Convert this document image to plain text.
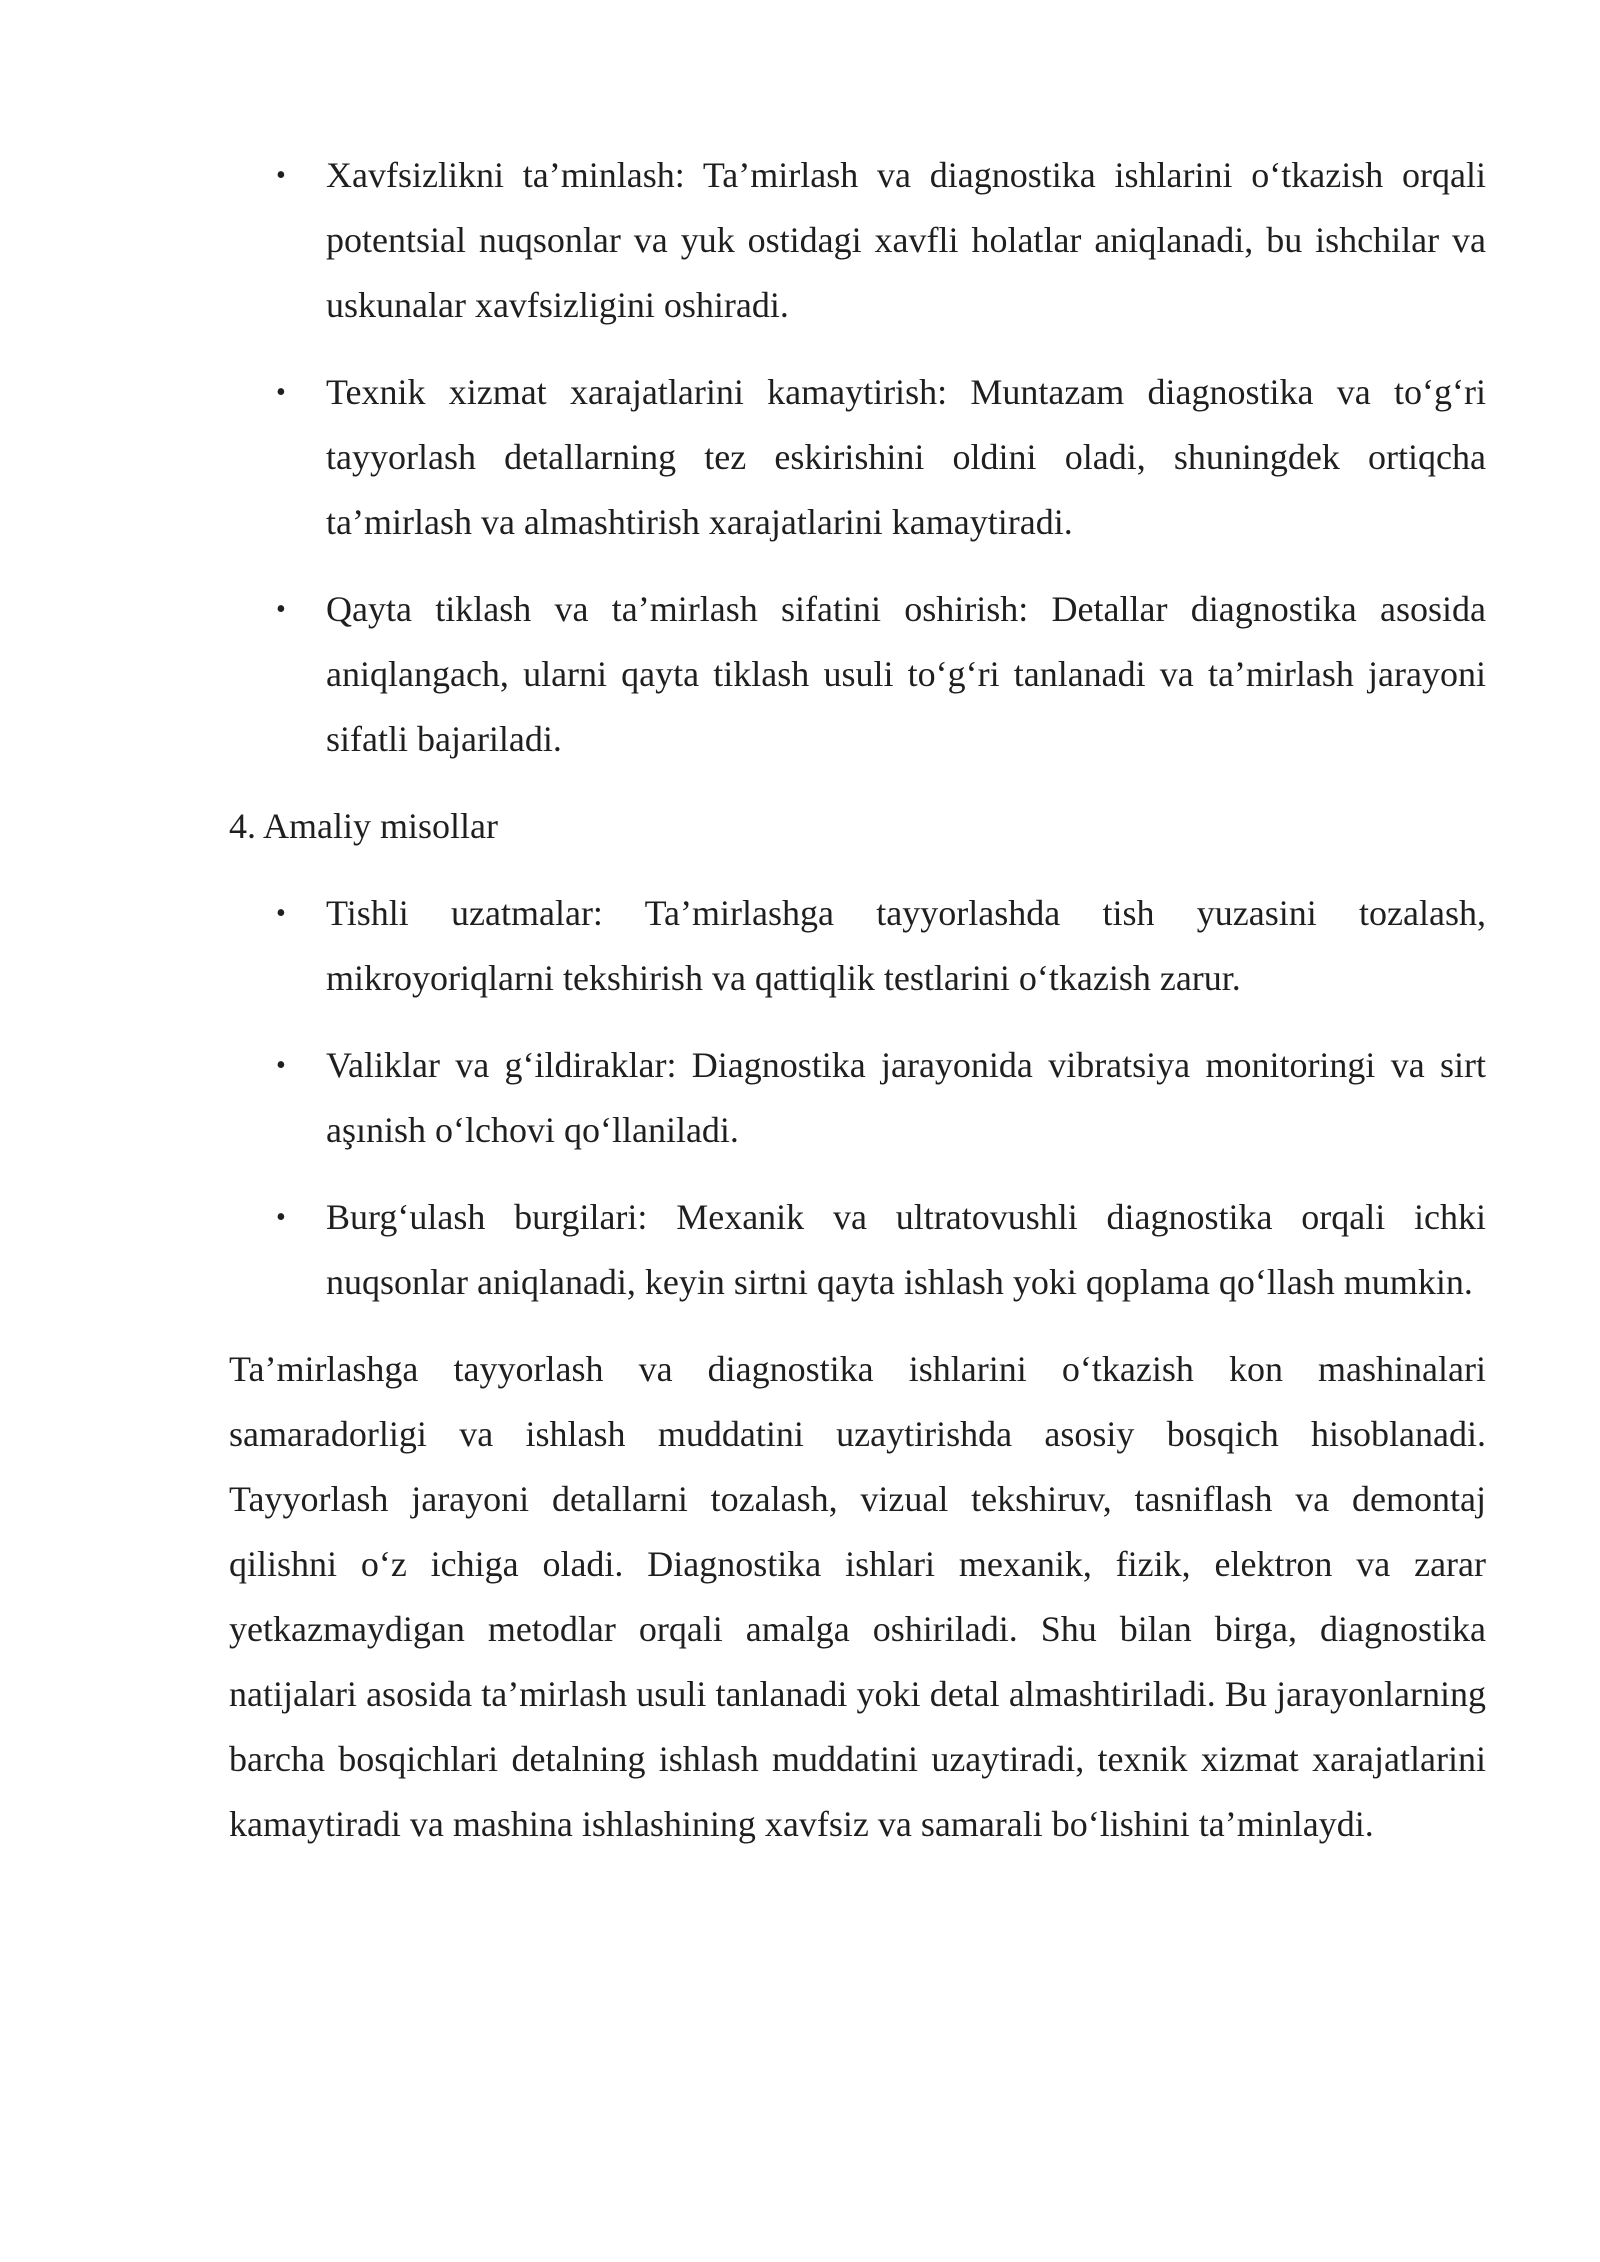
• Xavfsizlikni ta’minlash: Ta’mirlash va diagnostika ishlarini o‘tkazish orqali potentsial nuqsonlar va yuk ostidagi xavfli holatlar aniqlanadi, bu ishchilar va uskunalar xavfsizligini oshiradi.
• Texnik xizmat xarajatlarini kamaytirish: Muntazam diagnostika va to‘g‘ri tayyorlash detallarning tez eskirishini oldini oladi, shuningdek ortiqcha ta’mirlash va almashtirish xarajatlarini kamaytiradi.
• Qayta tiklash va ta’mirlash sifatini oshirish: Detallar diagnostika asosida aniqlangach, ularni qayta tiklash usuli to‘g‘ri tanlanadi va ta’mirlash jarayoni sifatli bajariladi.

4. Amaliy misollar

• Tishli uzatmalar: Ta’mirlashga tayyorlashda tish yuzasini tozalash, mikroyoriqlarni tekshirish va qattiqlik testlarini o‘tkazish zarur.
• Valiklar va g‘ildiraklar: Diagnostika jarayonida vibratsiya monitoringi va sirt aşınish o‘lchovi qo‘llaniladi.
• Burg‘ulash burgilari: Mexanik va ultratovushli diagnostika orqali ichki nuqsonlar aniqlanadi, keyin sirtni qayta ishlash yoki qoplama qo‘llash mumkin.

Ta’mirlashga tayyorlash va diagnostika ishlarini o‘tkazish kon mashinalari samaradorligi va ishlash muddatini uzaytirishda asosiy bosqich hisoblanadi. Tayyorlash jarayoni detallarni tozalash, vizual tekshiruv, tasniflash va demontaj qilishni o‘z ichiga oladi. Diagnostika ishlari mexanik, fizik, elektron va zarar yetkazmaydigan metodlar orqali amalga oshiriladi. Shu bilan birga, diagnostika natijalari asosida ta’mirlash usuli tanlanadi yoki detal almashtiriladi. Bu jarayonlarning barcha bosqichlari detalning ishlash muddatini uzaytiradi, texnik xizmat xarajatlarini kamaytiradi va mashina ishlashining xavfsiz va samarali bo‘lishini ta’minlaydi.
